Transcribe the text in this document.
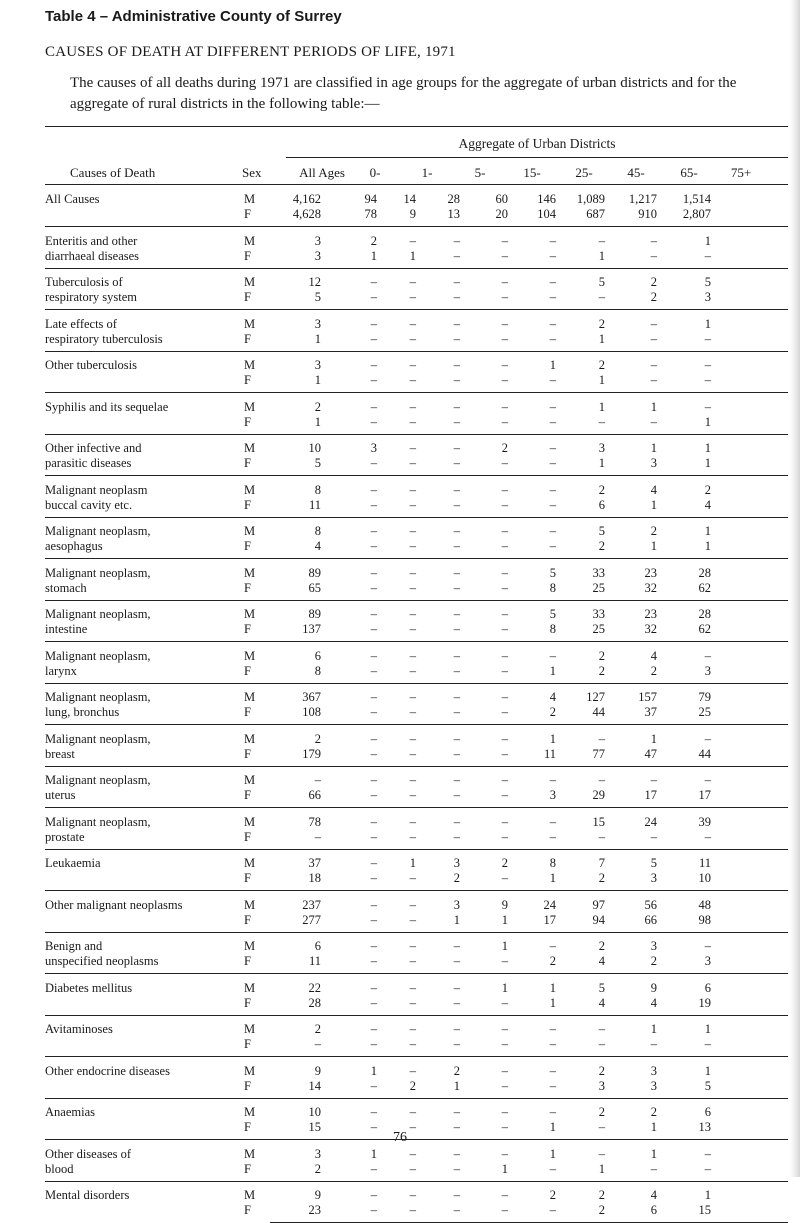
Table 4 – Administrative County of Surrey
CAUSES OF DEATH AT DIFFERENT PERIODS OF LIFE, 1971
The causes of all deaths during 1971 are classified in age groups for the aggregate of urban districts and for the aggregate of rural districts in the following table:—
Aggregate of Urban Districts
Causes of Death	Sex	All Ages	0-	1-	5-	15-	25-	45-	65-	75+
All Causes	M	4,162	94	14	28	60	146	1,089	1,217	1,514
F	4,628	78	9	13	20	104	687	910	2,807
Enteritis and other	M	3	2	–	–	–	–	–	–	1
diarrhaeal diseases	F	3	1	1	–	–	–	1	–	–
Tuberculosis of	M	12	–	–	–	–	–	5	2	5
respiratory system	F	5	–	–	–	–	–	–	2	3
Late effects of	M	3	–	–	–	–	–	2	–	1
respiratory tuberculosis	F	1	–	–	–	–	–	1	–	–
Other tuberculosis	M	3	–	–	–	–	1	2	–	–
F	1	–	–	–	–	–	1	–	–
Syphilis and its sequelae	M	2	–	–	–	–	–	1	1	–
F	1	–	–	–	–	–	–	–	1
Other infective and	M	10	3	–	–	2	–	3	1	1
parasitic diseases	F	5	–	–	–	–	–	1	3	1
Malignant neoplasm	M	8	–	–	–	–	–	2	4	2
buccal cavity etc.	F	11	–	–	–	–	–	6	1	4
Malignant neoplasm,	M	8	–	–	–	–	–	5	2	1
aesophagus	F	4	–	–	–	–	–	2	1	1
Malignant neoplasm,	M	89	–	–	–	–	5	33	23	28
stomach	F	65	–	–	–	–	8	25	32	62
Malignant neoplasm,	M	89	–	–	–	–	5	33	23	28
intestine	F	137	–	–	–	–	8	25	32	62
Malignant neoplasm,	M	6	–	–	–	–	–	2	4	–
larynx	F	8	–	–	–	–	1	2	2	3
Malignant neoplasm,	M	367	–	–	–	–	4	127	157	79
lung, bronchus	F	108	–	–	–	–	2	44	37	25
Malignant neoplasm,	M	2	–	–	–	–	1	–	1	–
breast	F	179	–	–	–	–	11	77	47	44
Malignant neoplasm,	M	–	–	–	–	–	–	–	–	–
uterus	F	66	–	–	–	–	3	29	17	17
Malignant neoplasm,	M	78	–	–	–	–	–	15	24	39
prostate	F	–	–	–	–	–	–	–	–	–
Leukaemia	M	37	–	1	3	2	8	7	5	11
F	18	–	–	2	–	1	2	3	10
Other malignant neoplasms	M	237	–	–	3	9	24	97	56	48
F	277	–	–	1	1	17	94	66	98
Benign and	M	6	–	–	–	1	–	2	3	–
unspecified neoplasms	F	11	–	–	–	–	2	4	2	3
Diabetes mellitus	M	22	–	–	–	1	1	5	9	6
F	28	–	–	–	–	1	4	4	19
Avitaminoses	M	2	–	–	–	–	–	–	1	1
F	–	–	–	–	–	–	–	–	–
Other endocrine diseases	M	9	1	–	2	–	–	2	3	1
F	14	–	2	1	–	–	3	3	5
Anaemias	M	10	–	–	–	–	–	2	2	6
F	15	–	–	–	–	1	–	1	13
Other diseases of	M	3	1	–	–	–	1	–	1	–
blood	F	2	–	–	–	1	–	1	–	–
Mental disorders	M	9	–	–	–	–	2	2	4	1
F	23	–	–	–	–	–	2	6	15
76
